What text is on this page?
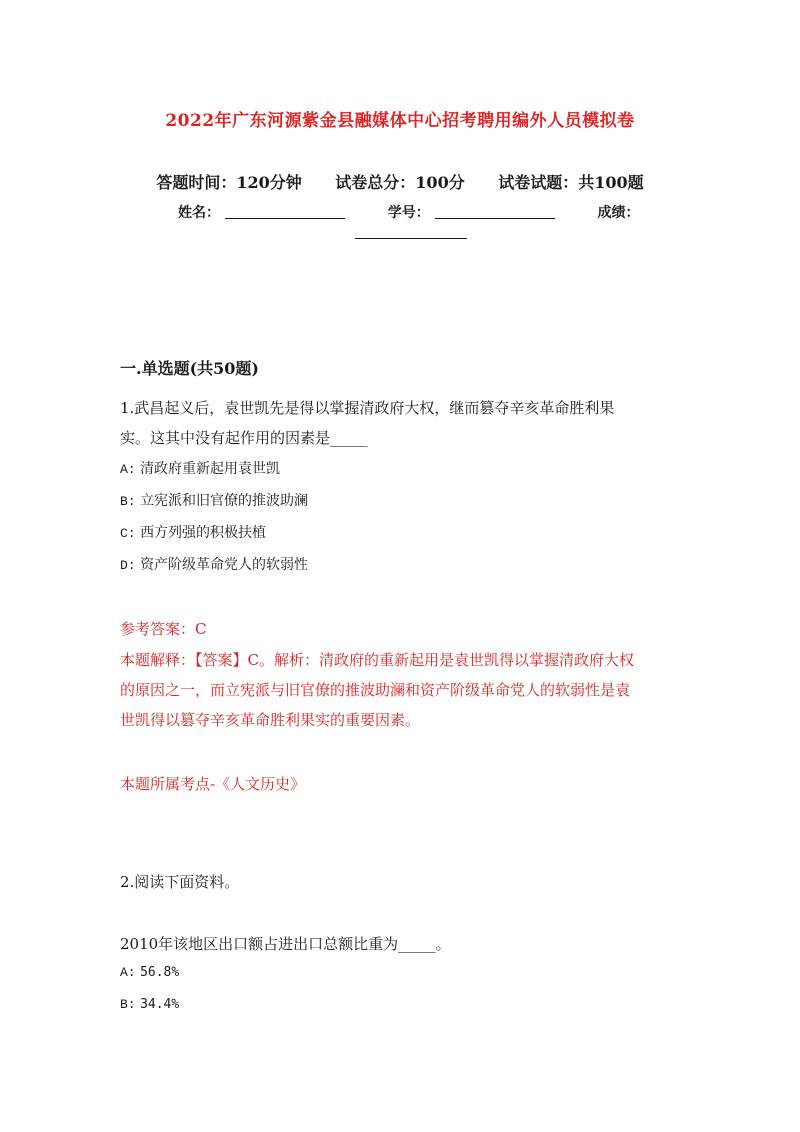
2022年广东河源紫金县融媒体中心招考聘用编外人员模拟卷
答题时间：120分钟 试卷总分：100分 试卷试题：共100题
姓名：	学号：	成绩：
一.单选题(共50题)
1.武昌起义后，袁世凯先是得以掌握清政府大权，继而篡夺辛亥革命胜利果
实。这其中没有起作用的因素是_____
A: 清政府重新起用袁世凯
B: 立宪派和旧官僚的推波助澜
C: 西方列强的积极扶植
D: 资产阶级革命党人的软弱性
参考答案：C
本题解释：【答案】C。解析：清政府的重新起用是袁世凯得以掌握清政府大权
的原因之一，而立宪派与旧官僚的推波助澜和资产阶级革命党人的软弱性是袁
世凯得以篡夺辛亥革命胜利果实的重要因素。
本题所属考点-《人文历史》
2.阅读下面资料。
2010年该地区出口额占进出口总额比重为_____。
A: 56.8%
B: 34.4%
